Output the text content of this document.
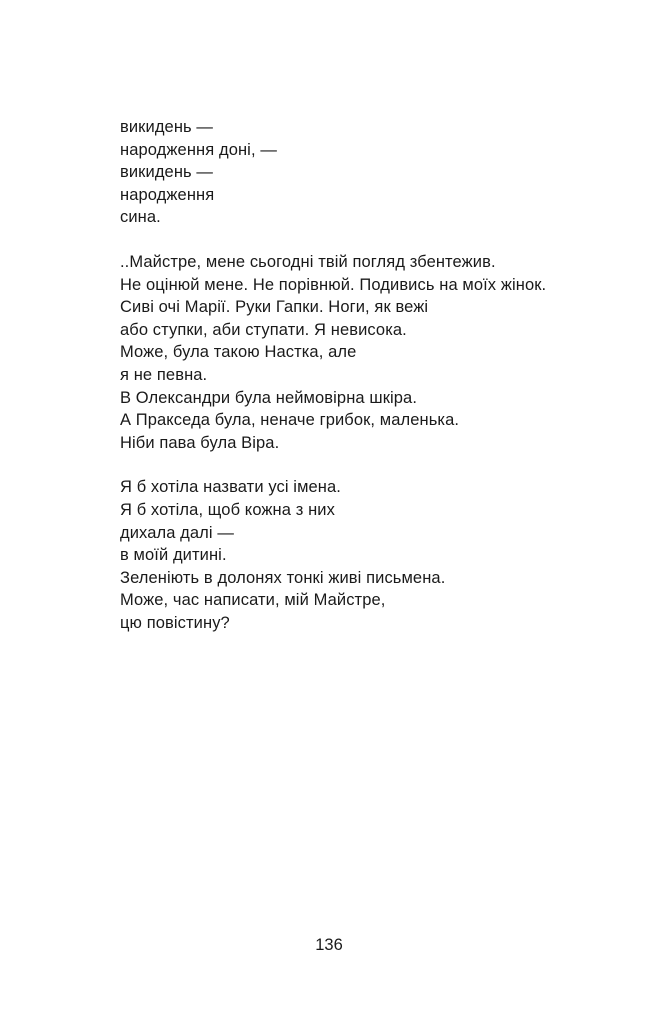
викидень —
народження доні, —
викидень —
народження
сина.
..Майстре, мене сьогодні твій погляд збентежив.
Не оцінюй мене. Не порівнюй. Подивись на моїх жінок.
Сиві очі Марії. Руки Гапки. Ноги, як вежі
або ступки, аби ступати. Я невисока.
Може, була такою Настка, але
я не певна.
В Олександри була неймовірна шкіра.
А Пракседа була, неначе грибок, маленька.
Ніби пава була Віра.
Я б хотіла назвати усі імена.
Я б хотіла, щоб кожна з них
дихала далі —
в моїй дитині.
Зеленіють в долонях тонкі живі письмена.
Може, час написати, мій Майстре,
цю повістину?
136
